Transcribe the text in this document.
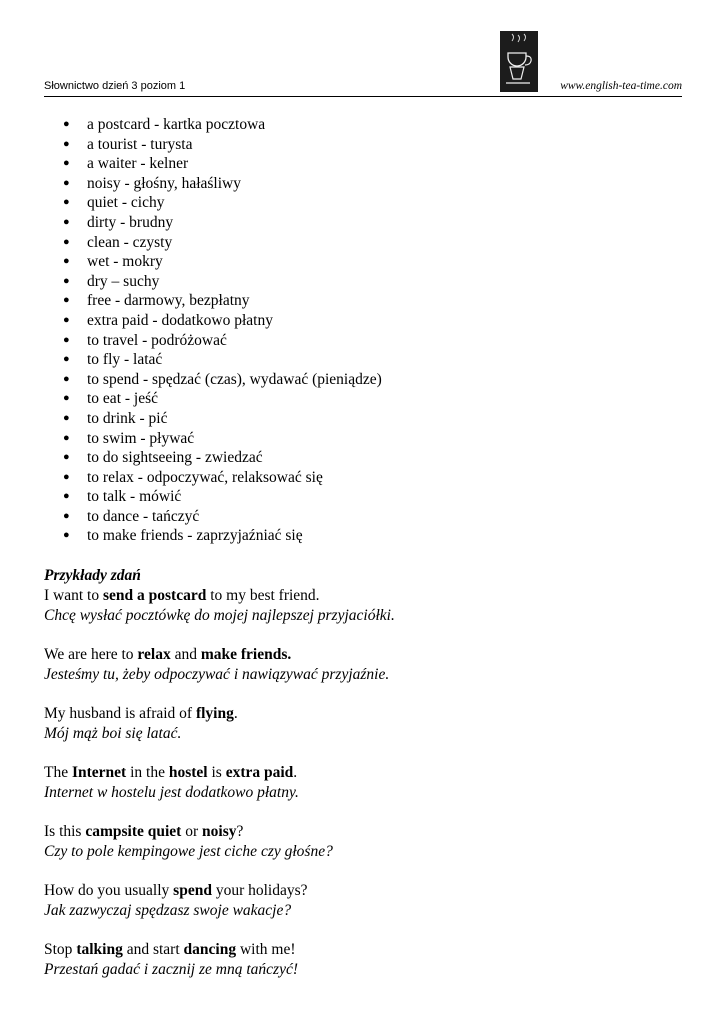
Słownictwo dzień 3 poziom 1	www.english-tea-time.com
● a postcard - kartka pocztowa
● a tourist - turysta
● a waiter - kelner
● noisy - głośny, hałaśliwy
● quiet - cichy
● dirty - brudny
● clean - czysty
● wet - mokry
● dry – suchy
● free - darmowy, bezpłatny
● extra paid - dodatkowo płatny
● to travel - podróżować
● to fly - latać
● to spend - spędzać (czas), wydawać (pieniądze)
● to eat - jeść
● to drink - pić
● to swim - pływać
● to do sightseeing - zwiedzać
● to relax - odpoczywać, relaksować się
● to talk - mówić
● to dance - tańczyć
● to make friends - zaprzyjaźniać się
Przykłady zdań
I want to send a postcard to my best friend.
Chcę wysłać pocztówkę do mojej najlepszej przyjaciółki.
We are here to relax and make friends.
Jesteśmy tu, żeby odpoczywać i nawiązywać przyjaźnie.
My husband is afraid of flying.
Mój mąż boi się latać.
The Internet in the hostel is extra paid.
Internet w hostelu jest dodatkowo płatny.
Is this campsite quiet or noisy?
Czy to pole kempingowe jest ciche czy głośne?
How do you usually spend your holidays?
Jak zazwyczaj spędzasz swoje wakacje?
Stop talking and start dancing with me!
Przestań gadać i zacznij ze mną tańczyć!
